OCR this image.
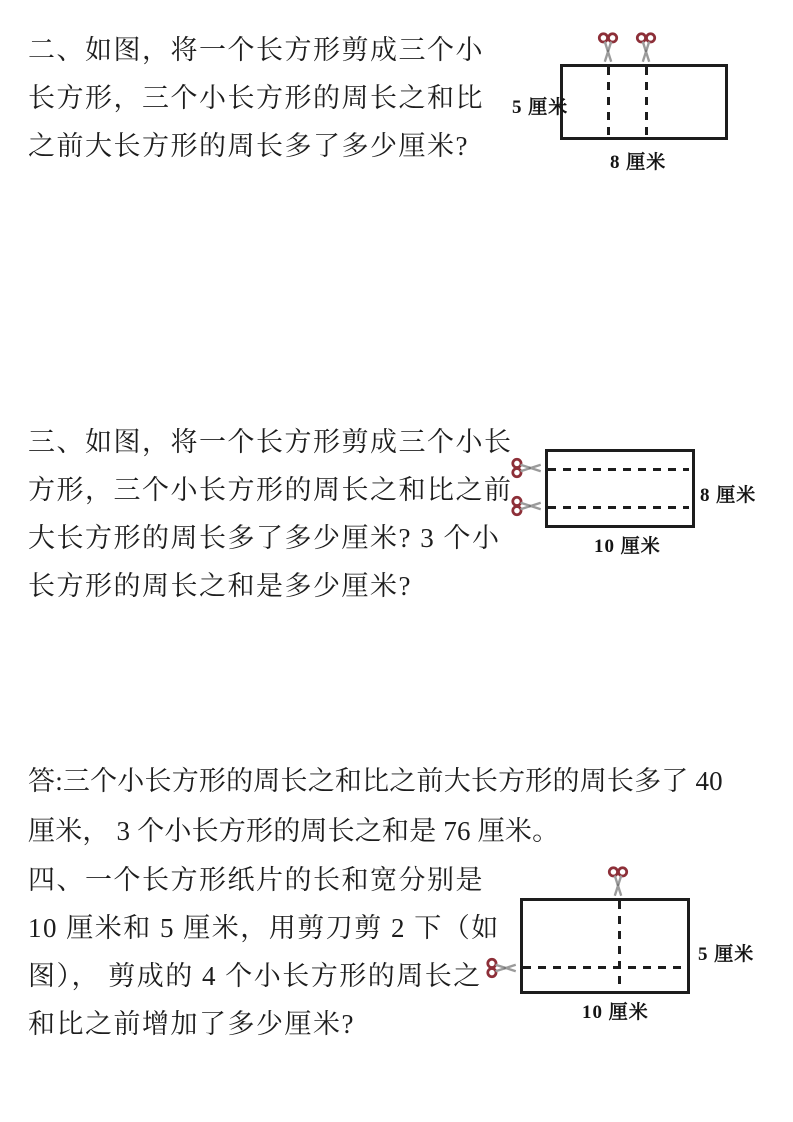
二、如图，将一个长方形剪成三个小
长方形，三个小长方形的周长之和比
之前大长方形的周长多了多少厘米?
5 厘米
8 厘米
三、如图，将一个长方形剪成三个小长
方形，三个小长方形的周长之和比之前
大长方形的周长多了多少厘米? 3 个小
长方形的周长之和是多少厘米?
8 厘米
10 厘米
答:三个小长方形的周长之和比之前大长方形的周长多了 40
厘米， 3 个小长方形的周长之和是 76 厘米。
四、一个长方形纸片的长和宽分别是
10 厘米和 5 厘米，用剪刀剪 2 下（如
图）， 剪成的 4 个小长方形的周长之
和比之前增加了多少厘米?
5 厘米
10 厘米
